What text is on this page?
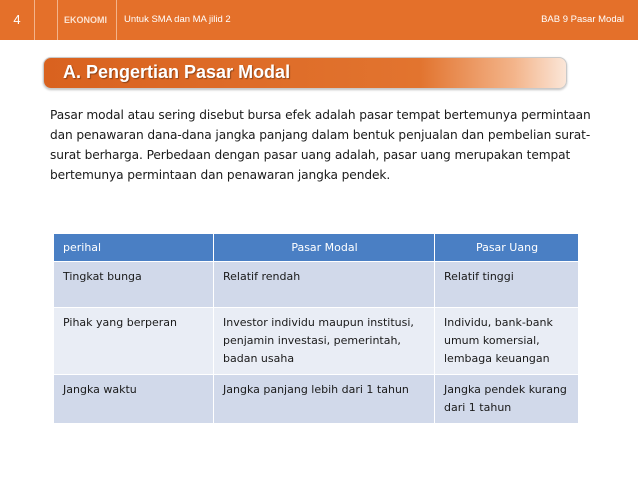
4	EKONOMI Untuk SMA dan MA jilid 2	BAB 9 Pasar Modal
A. Pengertian Pasar Modal
Pasar modal atau sering disebut bursa efek adalah pasar tempat bertemunya permintaan dan penawaran dana-dana jangka panjang dalam bentuk penjualan dan pembelian surat-surat berharga. Perbedaan dengan pasar uang adalah, pasar uang merupakan tempat bertemunya permintaan dan penawaran jangka pendek.
perihal	Pasar Modal	Pasar Uang
Tingkat bunga	Relatif rendah	Relatif tinggi
Pihak yang berperan	Investor individu maupun institusi, penjamin investasi, pemerintah, badan usaha	Individu, bank-bank umum komersial, lembaga keuangan
Jangka waktu	Jangka panjang lebih dari 1 tahun	Jangka pendek kurang dari 1 tahun
